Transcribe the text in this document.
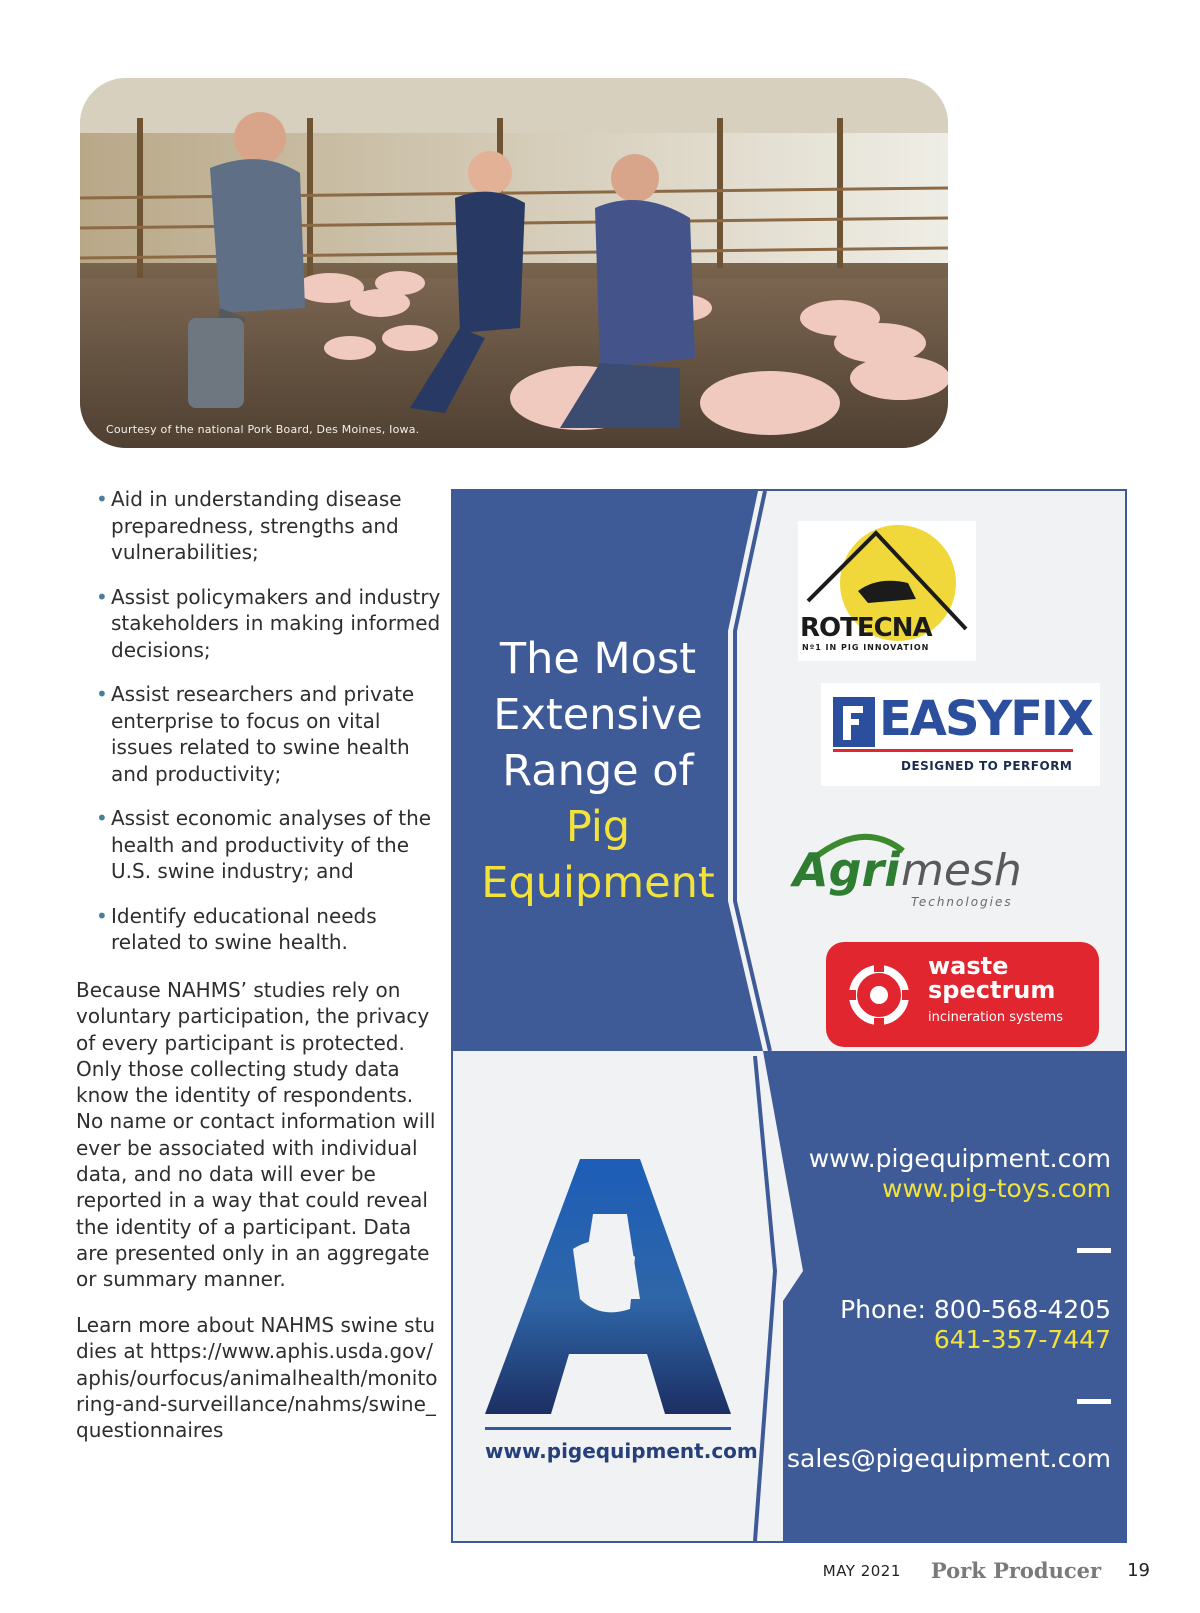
Courtesy of the national Pork Board, Des Moines, Iowa.
• Aid in understanding disease preparedness, strengths and vulnerabilities;
• Assist policymakers and industry stakeholders in making informed decisions;
• Assist researchers and private enterprise to focus on vital issues related to swine health and productivity;
• Assist economic analyses of the health and productivity of the U.S. swine industry; and
• Identify educational needs related to swine health.

Because NAHMS’ studies rely on voluntary participation, the privacy of every participant is protected. Only those collecting study data know the identity of respondents. No name or contact information will ever be associated with individual data, and no data will ever be reported in a way that could reveal the identity of a participant. Data are presented only in an aggregate or summary manner.

Learn more about NAHMS swine studies at https://www.aphis.usda.gov/aphis/ourfocus/animalhealth/monitoring-and-surveillance/nahms/swine_questionnaires

The Most
Extensive
Range of
Pig
Equipment
ROTECNA
Nº1 IN PIG INNOVATION
EASYFIX
DESIGNED TO PERFORM
Agri mesh
Technologies
waste
spectrum
incineration systems
www.pigequipment.com
www.pigequipment.com
www.pig-toys.com
Phone: 800-568-4205
641-357-7447
sales@pigequipment.com
MAY 2021 Pork Producer 19
